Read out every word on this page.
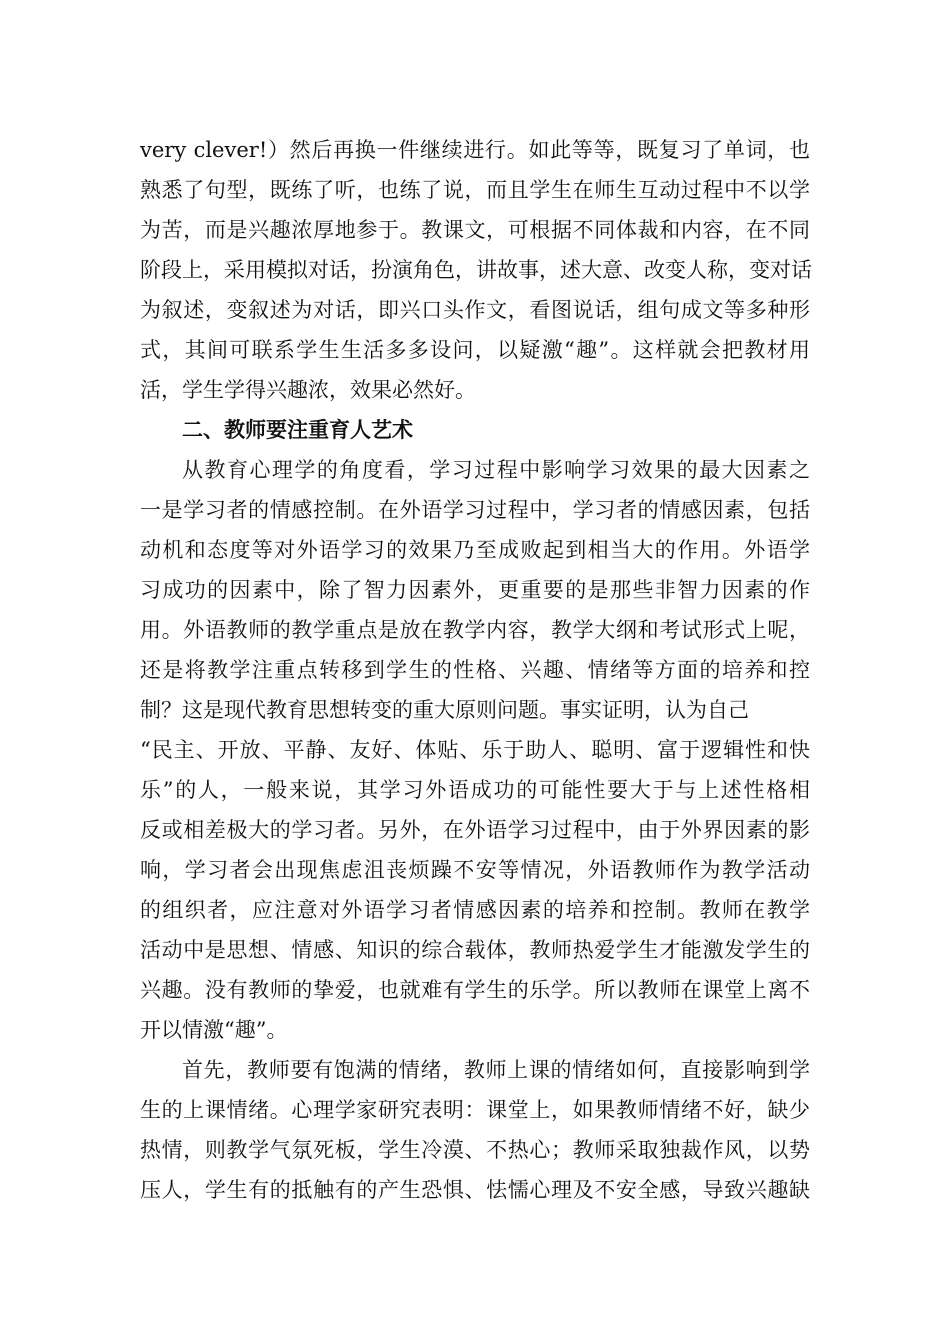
very clever!）然后再换一件继续进行。如此等等，既复习了单词，也
熟悉了句型，既练了听，也练了说，而且学生在师生互动过程中不以学
为苦，而是兴趣浓厚地参于。教课文，可根据不同体裁和内容，在不同
阶段上，采用模拟对话，扮演角色，讲故事，述大意、改变人称，变对话
为叙述，变叙述为对话，即兴口头作文，看图说话，组句成文等多种形
式，其间可联系学生生活多多设问，以疑激“趣”。这样就会把教材用
活，学生学得兴趣浓，效果必然好。
二、教师要注重育人艺术
从教育心理学的角度看，学习过程中影响学习效果的最大因素之
一是学习者的情感控制。在外语学习过程中，学习者的情感因素，包括
动机和态度等对外语学习的效果乃至成败起到相当大的作用。外语学
习成功的因素中，除了智力因素外，更重要的是那些非智力因素的作
用。外语教师的教学重点是放在教学内容，教学大纲和考试形式上呢，
还是将教学注重点转移到学生的性格、兴趣、情绪等方面的培养和控
制？这是现代教育思想转变的重大原则问题。事实证明，认为自己
“民主、开放、平静、友好、体贴、乐于助人、聪明、富于逻辑性和快
乐”的人，一般来说，其学习外语成功的可能性要大于与上述性格相
反或相差极大的学习者。另外，在外语学习过程中，由于外界因素的影
响，学习者会出现焦虑沮丧烦躁不安等情况，外语教师作为教学活动
的组织者，应注意对外语学习者情感因素的培养和控制。教师在教学
活动中是思想、情感、知识的综合载体，教师热爱学生才能激发学生的
兴趣。没有教师的挚爱，也就难有学生的乐学。所以教师在课堂上离不
开以情激“趣”。
首先，教师要有饱满的情绪，教师上课的情绪如何，直接影响到学
生的上课情绪。心理学家研究表明：课堂上，如果教师情绪不好，缺少
热情，则教学气氛死板，学生冷漠、不热心；教师采取独裁作风，以势
压人，学生有的抵触有的产生恐惧、怯懦心理及不安全感，导致兴趣缺
